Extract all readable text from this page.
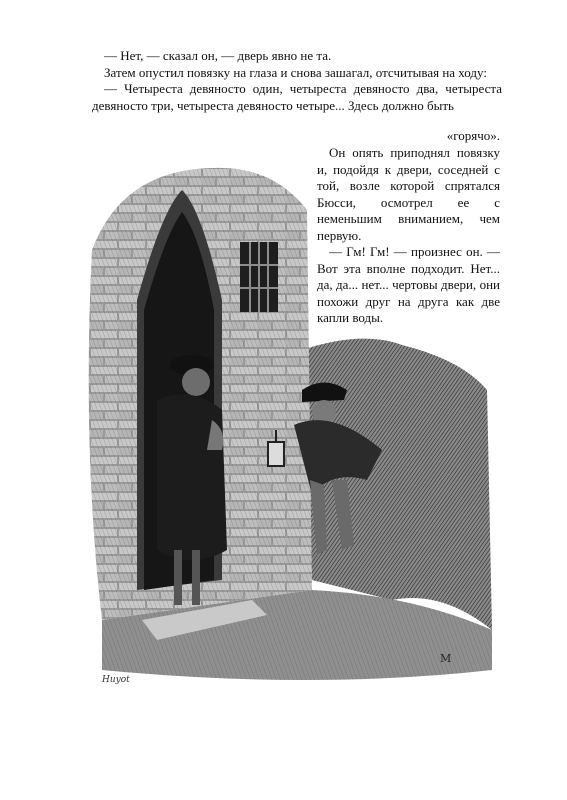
— Нет, — сказал он, — дверь явно не та.

Затем опустил повязку на глаза и снова зашагал, отсчитывая на ходу:

— Четыреста девяносто один, четыреста девяносто два, четыреста девяносто три, четыреста девяносто четыре... Здесь должно быть

«горячо».

Он опять приподнял повязку и, подойдя к двери, соседней с той, возле которой спрятался Бюсси, осмотрел ее с неменьшим вниманием, чем первую.

— Гм! Гм! — произнес он. — Вот эта вполне подходит. Нет... да, да... нет... чертовы двери, они похожи друг на друга как две капли воды.

Huyot
M
